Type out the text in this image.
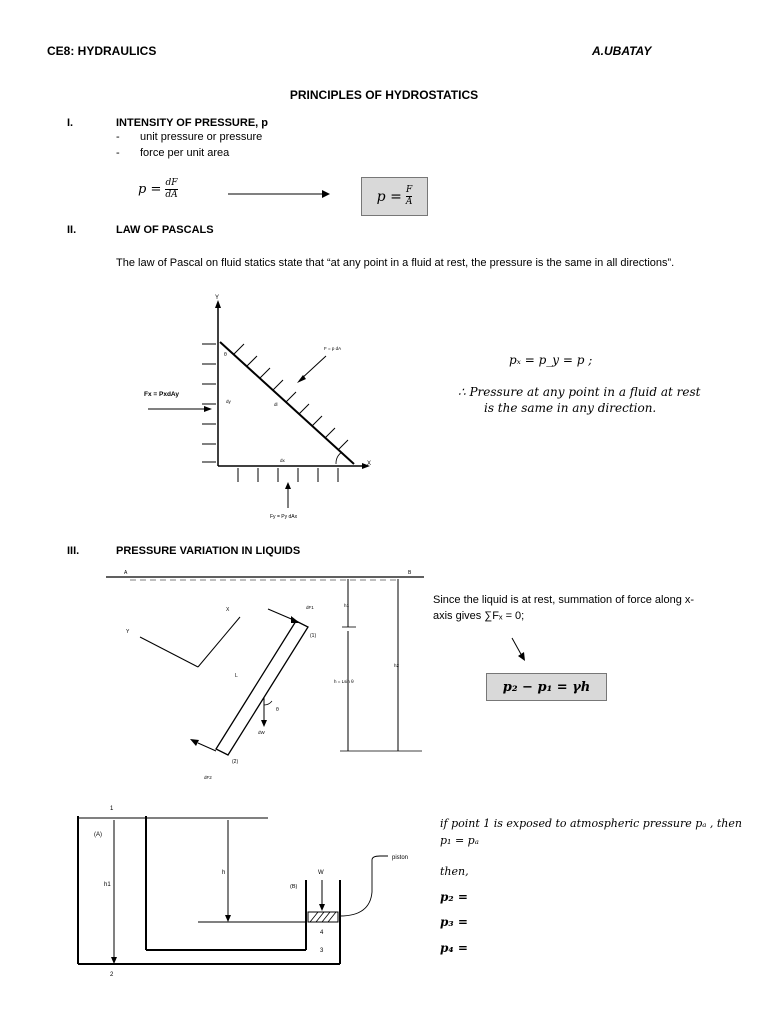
CE8: HYDRAULICS	A.UBATAY
PRINCIPLES OF HYDROSTATICS
I.	INTENSITY OF PRESSURE, p
- unit pressure or pressure
- force per unit area
$p = \frac{dF}{dA}$	$p = \frac{F}{A}$
II.	LAW OF PASCALS
The law of Pascal on fluid statics state that “at any point in a fluid at rest, the pressure is the same in all directions”.
Y
X
Fx = PxdAy
Fy = Py dAx
F = p dA
dy
dl
dx
θ	pₓ = p_y = p ;
∴ Pressure at any point in a fluid at rest
is the same in any direction.
III.	PRESSURE VARIATION IN LIQUIDS
A	B
X
Y
dF1
dF2
(1)
(2)
L
dW
θ
h1
h = Lsin θ
h2
Since the liquid is at rest, summation of force along x-
axis gives ∑Fₓ = 0;
p₂ − p₁ = γh
1
(A)
h1
2
h
(B)
W
4
3
piston
if point 1 is exposed to atmospheric pressure pₐ , then
p₁ = pₐ
then,
p₂ =
p₃ =
p₄ =
